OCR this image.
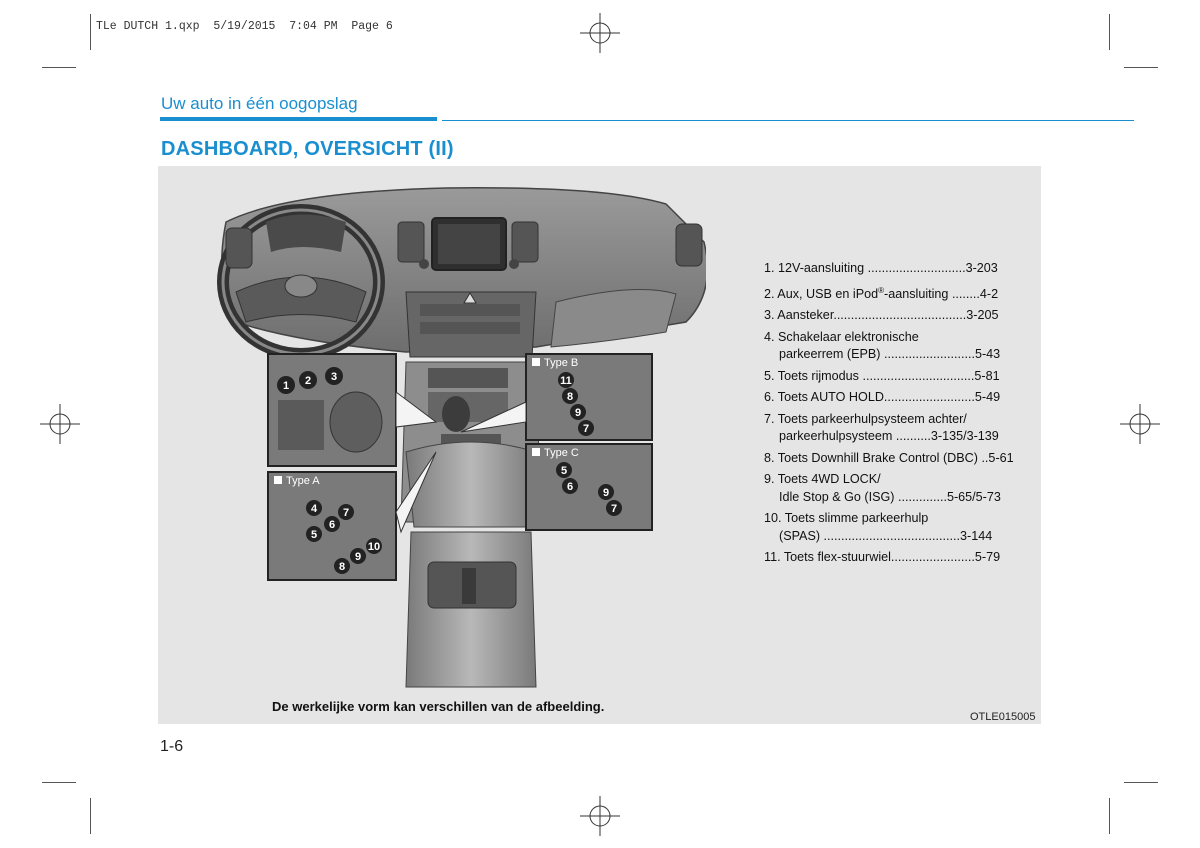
TLe DUTCH 1.qxp  5/19/2015  7:04 PM  Page 6
Uw auto in één oogopslag
DASHBOARD, OVERSICHT (II)
1 2 3
Type B
11
8
9
7
Type C
5
6	9
7
Type A
4 7
6
5
10
9
8
1. 12V-aansluiting ............................3-203
2. Aux, USB en iPod®-aansluiting ........4-2
3. Aansteker......................................3-205
4. Schakelaar elektronische
parkeerrem (EPB) ..........................5-43
5. Toets rijmodus ................................5-81
6. Toets AUTO HOLD..........................5-49
7. Toets parkeerhulpsysteem achter/
parkeerhulpsysteem ..........3-135/3-139
8. Toets Downhill Brake Control (DBC) ..5-61
9. Toets 4WD LOCK/
Idle Stop & Go (ISG) ..............5-65/5-73
10. Toets slimme parkeerhulp
(SPAS) .......................................3-144
11. Toets flex-stuurwiel........................5-79
De werkelijke vorm kan verschillen van de afbeelding.
OTLE015005
1-6
